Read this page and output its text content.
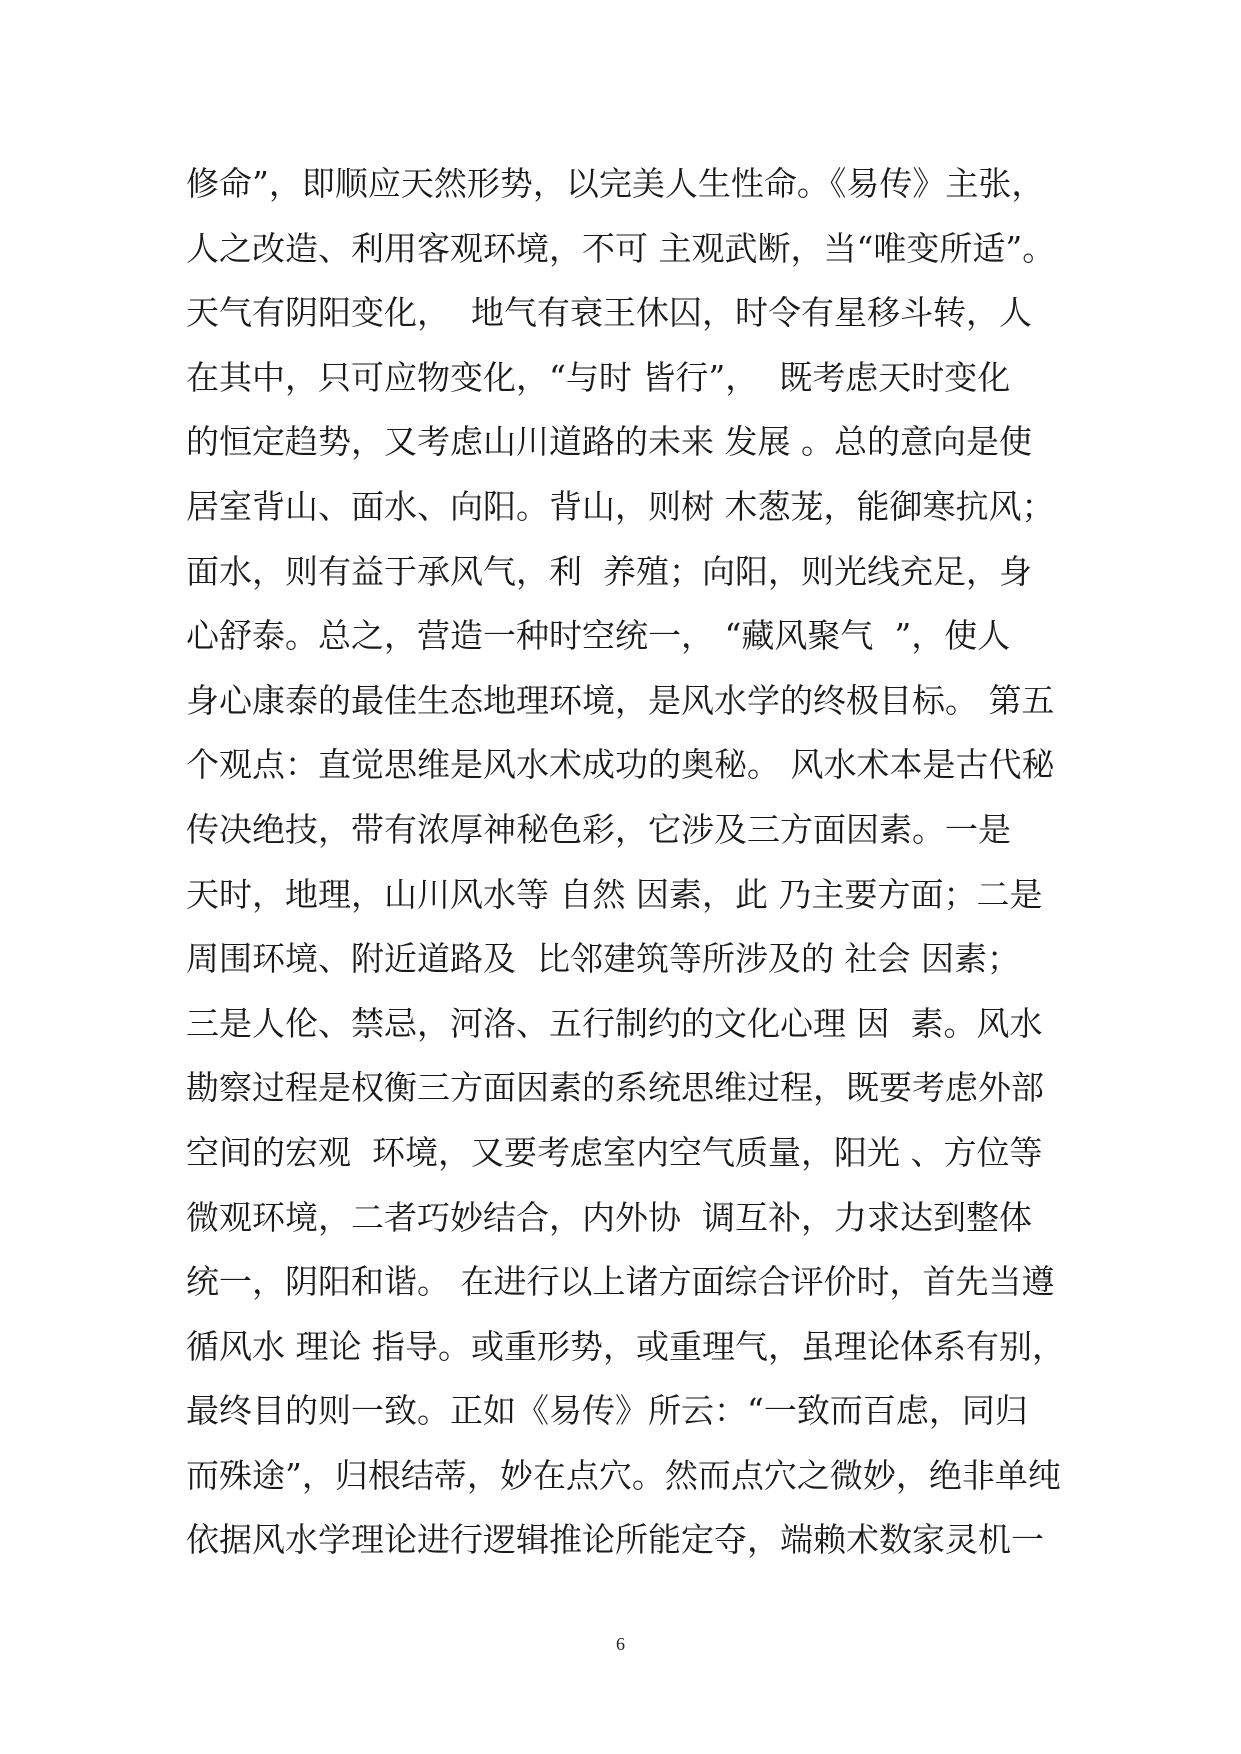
修命”，即顺应天然形势，以完美人生性命。《易传》主张，
人之改造、利用客观环境，不可 主观武断，当“唯变所适”。
天气有阴阳变化，  地气有衰王休囚，时令有星移斗转，人
在其中，只可应物变化，“与时 皆行”，  既考虑天时变化
的恒定趋势，又考虑山川道路的未来 发展 。总的意向是使
居室背山、面水、向阳。背山，则树 木葱茏，能御寒抗风；
面水，则有益于承风气，利  养殖；向阳，则光线充足，身
心舒泰。总之，营造一种时空统一， “藏风聚气  ”，使人
身心康泰的最佳生态地理环境，是风水学的终极目标。 第五
个观点：直觉思维是风水术成功的奥秘。 风水术本是古代秘
传决绝技，带有浓厚神秘色彩，它涉及三方面因素。一是
天时，地理，山川风水等 自然 因素，此 乃主要方面；二是
周围环境、附近道路及  比邻建筑等所涉及的 社会 因素；
三是人伦、禁忌，河洛、五行制约的文化心理 因  素。风水
勘察过程是权衡三方面因素的系统思维过程，既要考虑外部
空间的宏观  环境，又要考虑室内空气质量，阳光 、方位等
微观环境，二者巧妙结合，内外协  调互补，力求达到整体
统一，阴阳和谐。 在进行以上诸方面综合评价时，首先当遵
循风水 理论 指导。或重形势，或重理气，虽理论体系有别，
最终目的则一致。正如《易传》所云：“一致而百虑，同归
而殊途”，归根结蒂，妙在点穴。然而点穴之微妙，绝非单纯
依据风水学理论进行逻辑推论所能定夺，端赖术数家灵机一
6
